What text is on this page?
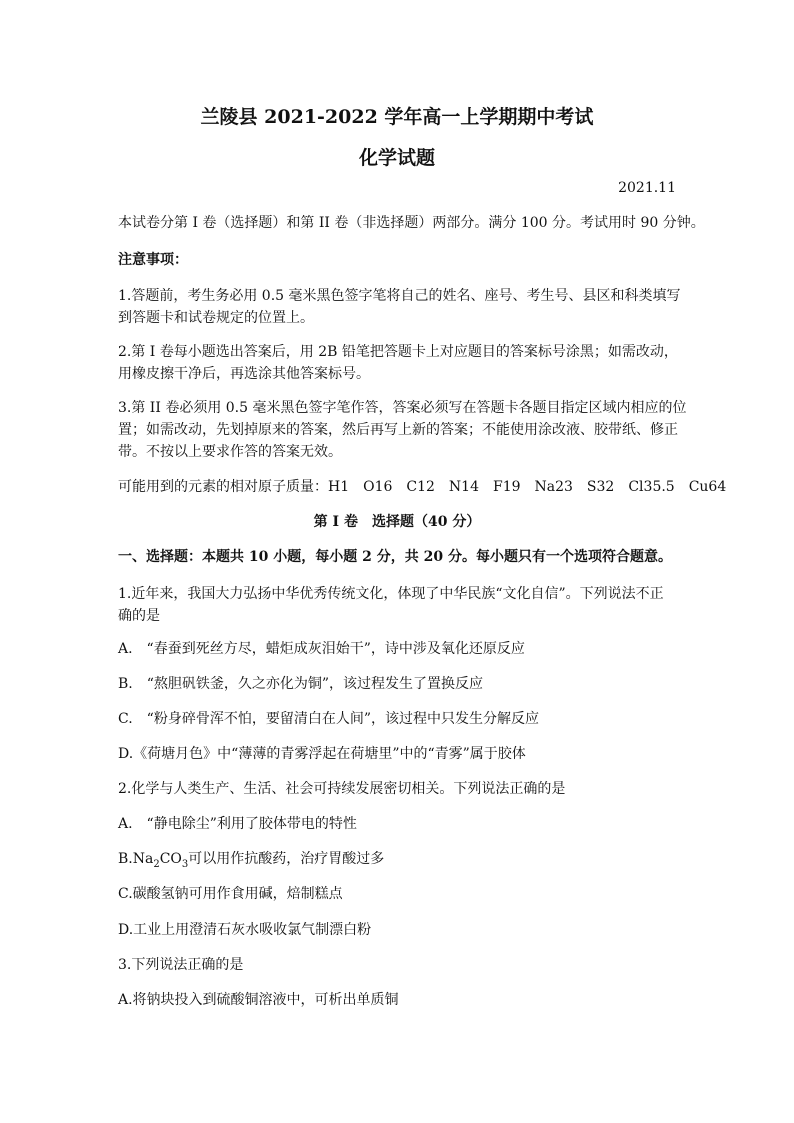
兰陵县 2021-2022 学年高一上学期期中考试
化学试题
2021.11
本试卷分第 I 卷（选择题）和第 II 卷（非选择题）两部分。满分 100 分。考试用时 90 分钟。
注意事项：
1.答题前，考生务必用 0.5 毫米黑色签字笔将自己的姓名、座号、考生号、县区和科类填写
到答题卡和试卷规定的位置上。
2.第 I 卷每小题选出答案后，用 2B 铅笔把答题卡上对应题目的答案标号涂黑；如需改动，
用橡皮擦干净后，再选涂其他答案标号。
3.第 II 卷必须用 0.5 毫米黑色签字笔作答，答案必须写在答题卡各题目指定区域内相应的位
置；如需改动，先划掉原来的答案，然后再写上新的答案；不能使用涂改液、胶带纸、修正
带。不按以上要求作答的答案无效。
可能用到的元素的相对原子质量：H1　O16　C12　N14　F19　Na23　S32　Cl35.5　Cu64
第 I 卷　选择题（40 分）
一、选择题：本题共 10 小题，每小题 2 分，共 20 分。每小题只有一个选项符合题意。
1.近年来，我国大力弘扬中华优秀传统文化，体现了中华民族“文化自信”。下列说法不正
确的是
A.　“春蚕到死丝方尽，蜡炬成灰泪始干”，诗中涉及氧化还原反应
B.　“熬胆矾铁釜，久之亦化为铜”，该过程发生了置换反应
C.　“粉身碎骨浑不怕，要留清白在人间”，该过程中只发生分解反应
D.《荷塘月色》中“薄薄的青雾浮起在荷塘里”中的“青雾”属于胶体
2.化学与人类生产、生活、社会可持续发展密切相关。下列说法正确的是
A.　“静电除尘”利用了胶体带电的特性
$B.Na_2CO_3$可以用作抗酸药，治疗胃酸过多
C.碳酸氢钠可用作食用碱，焙制糕点
D.工业上用澄清石灰水吸收氯气制漂白粉
3.下列说法正确的是
A.将钠块投入到硫酸铜溶液中，可析出单质铜
